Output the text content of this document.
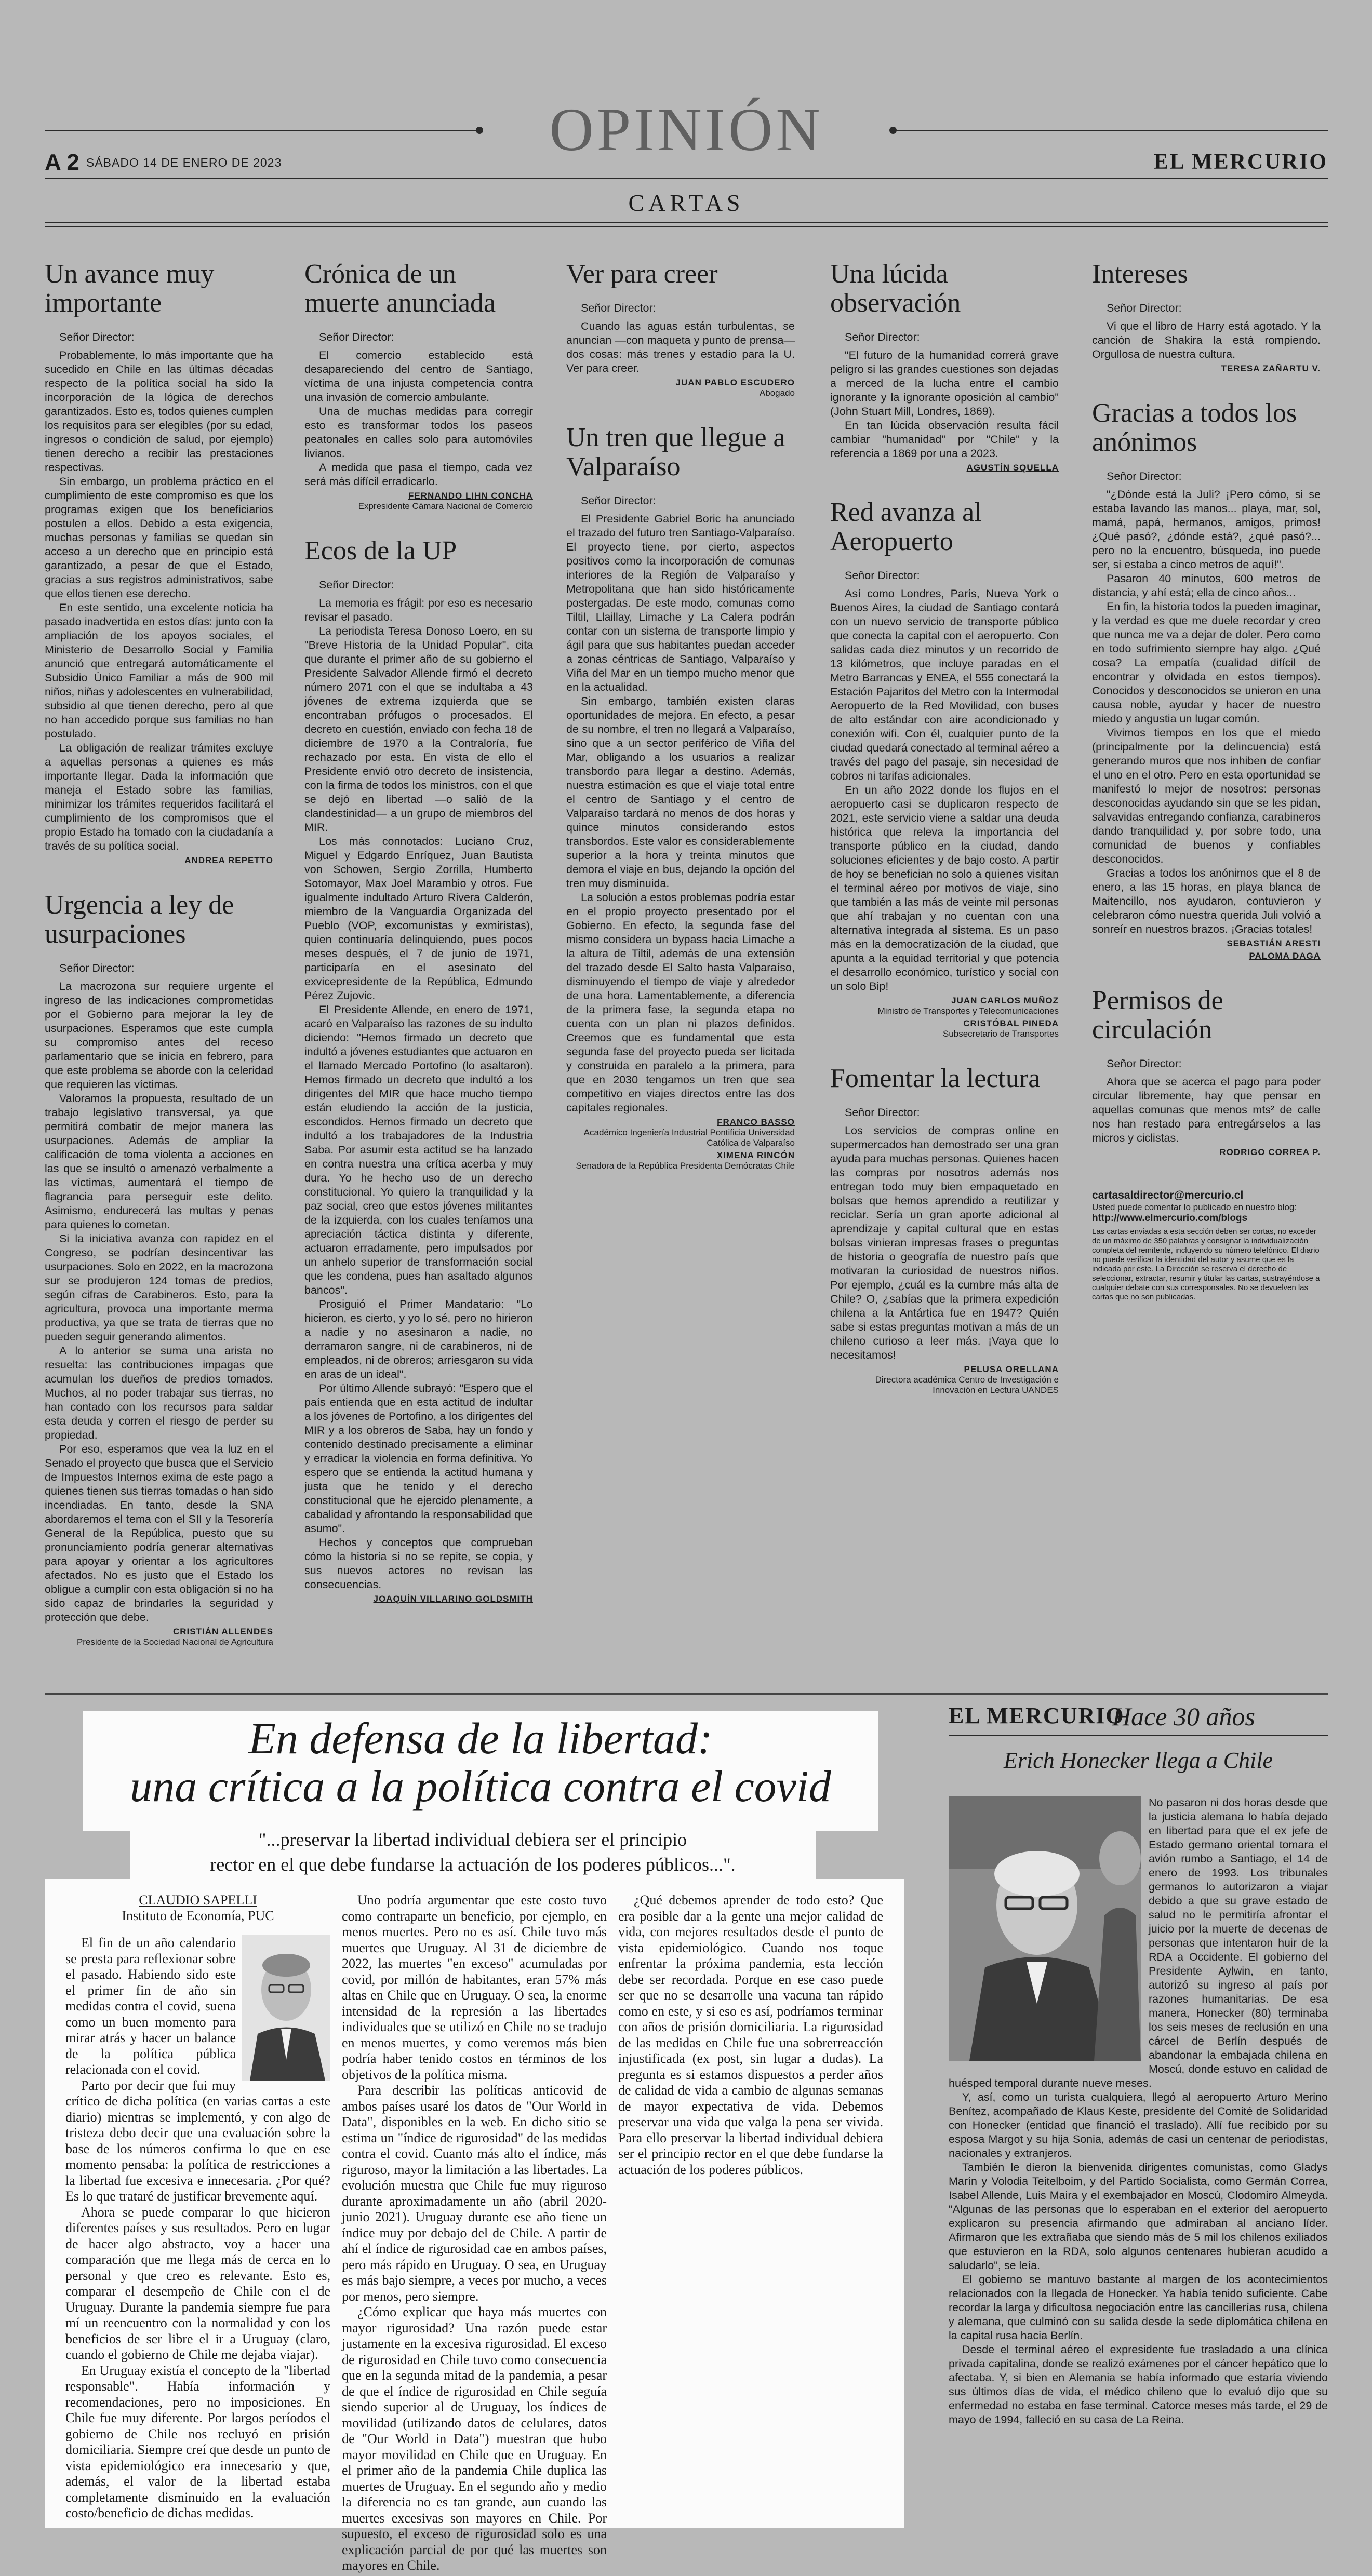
OPINIÓN
A 2 SÁBADO 14 DE ENERO DE 2023	EL MERCURIO
CARTAS
Un avance muy importante
Señor Director:

Probablemente, lo más importante que ha sucedido en Chile en las últimas décadas respecto de la política social ha sido la incorporación de la lógica de derechos garantizados. Esto es, todos quienes cumplen los requisitos para ser elegibles (por su edad, ingresos o condición de salud, por ejemplo) tienen derecho a recibir las prestaciones respectivas.

Sin embargo, un problema práctico en el cumplimiento de este compromiso es que los programas exigen que los beneficiarios postulen a ellos. Debido a esta exigencia, muchas personas y familias se quedan sin acceso a un derecho que en principio está garantizado, a pesar de que el Estado, gracias a sus registros administrativos, sabe que ellos tienen ese derecho.

En este sentido, una excelente noticia ha pasado inadvertida en estos días: junto con la ampliación de los apoyos sociales, el Ministerio de Desarrollo Social y Familia anunció que entregará automáticamente el Subsidio Único Familiar a más de 900 mil niños, niñas y adolescentes en vulnerabilidad, subsidio al que tienen derecho, pero al que no han accedido porque sus familias no han postulado.

La obligación de realizar trámites excluye a aquellas personas a quienes es más importante llegar. Dada la información que maneja el Estado sobre las familias, minimizar los trámites requeridos facilitará el cumplimiento de los compromisos que el propio Estado ha tomado con la ciudadanía a través de su política social.

ANDREA REPETTO
Urgencia a ley de usurpaciones
Señor Director:

La macrozona sur requiere urgente el ingreso de las indicaciones comprometidas por el Gobierno para mejorar la ley de usurpaciones. Esperamos que este cumpla su compromiso antes del receso parlamentario que se inicia en febrero, para que este problema se aborde con la celeridad que requieren las víctimas.

Valoramos la propuesta, resultado de un trabajo legislativo transversal, ya que permitirá combatir de mejor manera las usurpaciones. Además de ampliar la calificación de toma violenta a acciones en las que se insultó o amenazó verbalmente a las víctimas, aumentará el tiempo de flagrancia para perseguir este delito. Asimismo, endurecerá las multas y penas para quienes lo cometan.

Si la iniciativa avanza con rapidez en el Congreso, se podrían desincentivar las usurpaciones. Solo en 2022, en la macrozona sur se produjeron 124 tomas de predios, según cifras de Carabineros. Esto, para la agricultura, provoca una importante merma productiva, ya que se trata de tierras que no pueden seguir generando alimentos.

A lo anterior se suma una arista no resuelta: las contribuciones impagas que acumulan los dueños de predios tomados. Muchos, al no poder trabajar sus tierras, no han contado con los recursos para saldar esta deuda y corren el riesgo de perder su propiedad.

Por eso, esperamos que vea la luz en el Senado el proyecto que busca que el Servicio de Impuestos Internos exima de este pago a quienes tienen sus tierras tomadas o han sido incendiadas. En tanto, desde la SNA abordaremos el tema con el SII y la Tesorería General de la República, puesto que su pronunciamiento podría generar alternativas para apoyar y orientar a los agricultores afectados. No es justo que el Estado los obligue a cumplir con esta obligación si no ha sido capaz de brindarles la seguridad y protección que debe.

CRISTIÁN ALLENDES
Presidente de la Sociedad Nacional de Agricultura
Crónica de un muerte anunciada
Señor Director:

El comercio establecido está desapareciendo del centro de Santiago, víctima de una injusta competencia contra una invasión de comercio ambulante.

Una de muchas medidas para corregir esto es transformar todos los paseos peatonales en calles solo para automóviles livianos.

A medida que pasa el tiempo, cada vez será más difícil erradicarlo.

FERNANDO LIHN CONCHA
Expresidente Cámara Nacional de Comercio
Ecos de la UP
Señor Director:

La memoria es frágil: por eso es necesario revisar el pasado.

La periodista Teresa Donoso Loero, en su "Breve Historia de la Unidad Popular", cita que durante el primer año de su gobierno el Presidente Salvador Allende firmó el decreto número 2071 con el que se indultaba a 43 jóvenes de extrema izquierda que se encontraban prófugos o procesados. El decreto en cuestión, enviado con fecha 18 de diciembre de 1970 a la Contraloría, fue rechazado por esta. En vista de ello el Presidente envió otro decreto de insistencia, con la firma de todos los ministros, con el que se dejó en libertad —o salió de la clandestinidad— a un grupo de miembros del MIR.

Los más connotados: Luciano Cruz, Miguel y Edgardo Enríquez, Juan Bautista von Schowen, Sergio Zorrilla, Humberto Sotomayor, Max Joel Marambio y otros. Fue igualmente indultado Arturo Rivera Calderón, miembro de la Vanguardia Organizada del Pueblo (VOP, excomunistas y exmiristas), quien continuaría delinquiendo, pues pocos meses después, el 7 de junio de 1971, participaría en el asesinato del exvicepresidente de la República, Edmundo Pérez Zujovic.

El Presidente Allende, en enero de 1971, acaró en Valparaíso las razones de su indulto diciendo: "Hemos firmado un decreto que indultó a jóvenes estudiantes que actuaron en el llamado Mercado Portofino (lo asaltaron). Hemos firmado un decreto que indultó a los dirigentes del MIR que hace mucho tiempo están eludiendo la acción de la justicia, escondidos. Hemos firmado un decreto que indultó a los trabajadores de la Industria Saba. Por asumir esta actitud se ha lanzado en contra nuestra una crítica acerba y muy dura. Yo he hecho uso de un derecho constitucional. Yo quiero la tranquilidad y la paz social, creo que estos jóvenes militantes de la izquierda, con los cuales teníamos una apreciación táctica distinta y diferente, actuaron erradamente, pero impulsados por un anhelo superior de transformación social que les condena, pues han asaltado algunos bancos".

Prosiguió el Primer Mandatario: "Lo hicieron, es cierto, y yo lo sé, pero no hirieron a nadie y no asesinaron a nadie, no derramaron sangre, ni de carabineros, ni de empleados, ni de obreros; arriesgaron su vida en aras de un ideal".

Por último Allende subrayó: "Espero que el país entienda que en esta actitud de indultar a los jóvenes de Portofino, a los dirigentes del MIR y a los obreros de Saba, hay un fondo y contenido destinado precisamente a eliminar y erradicar la violencia en forma definitiva. Yo espero que se entienda la actitud humana y justa que he tenido y el derecho constitucional que he ejercido plenamente, a cabalidad y afrontando la responsabilidad que asumo".

Hechos y conceptos que comprueban cómo la historia si no se repite, se copia, y sus nuevos actores no revisan las consecuencias.

JOAQUÍN VILLARINO GOLDSMITH
Ver para creer
Señor Director:

Cuando las aguas están turbulentas, se anuncian —con maqueta y punto de prensa— dos cosas: más trenes y estadio para la U. Ver para creer.

JUAN PABLO ESCUDERO
Abogado
Un tren que llegue a Valparaíso
Señor Director:

El Presidente Gabriel Boric ha anunciado el trazado del futuro tren Santiago-Valparaíso. El proyecto tiene, por cierto, aspectos positivos como la incorporación de comunas interiores de la Región de Valparaíso y Metropolitana que han sido históricamente postergadas. De este modo, comunas como Tiltil, Llaillay, Limache y La Calera podrán contar con un sistema de transporte limpio y ágil para que sus habitantes puedan acceder a zonas céntricas de Santiago, Valparaíso y Viña del Mar en un tiempo mucho menor que en la actualidad.

Sin embargo, también existen claras oportunidades de mejora. En efecto, a pesar de su nombre, el tren no llegará a Valparaíso, sino que a un sector periférico de Viña del Mar, obligando a los usuarios a realizar transbordo para llegar a destino. Además, nuestra estimación es que el viaje total entre el centro de Santiago y el centro de Valparaíso tardará no menos de dos horas y quince minutos considerando estos transbordos. Este valor es considerablemente superior a la hora y treinta minutos que demora el viaje en bus, dejando la opción del tren muy disminuida.

La solución a estos problemas podría estar en el propio proyecto presentado por el Gobierno. En efecto, la segunda fase del mismo considera un bypass hacia Limache a la altura de Tiltil, además de una extensión del trazado desde El Salto hasta Valparaíso, disminuyendo el tiempo de viaje y alrededor de una hora. Lamentablemente, a diferencia de la primera fase, la segunda etapa no cuenta con un plan ni plazos definidos. Creemos que es fundamental que esta segunda fase del proyecto pueda ser licitada y construida en paralelo a la primera, para que en 2030 tengamos un tren que sea competitivo en viajes directos entre las dos capitales regionales.

FRANCO BASSO
Académico Ingeniería Industrial Pontificia Universidad Católica de Valparaíso
XIMENA RINCÓN
Senadora de la República Presidenta Demócratas Chile
Una lúcida observación
Señor Director:

"El futuro de la humanidad correrá grave peligro si las grandes cuestiones son dejadas a merced de la lucha entre el cambio ignorante y la ignorante oposición al cambio" (John Stuart Mill, Londres, 1869).

En tan lúcida observación resulta fácil cambiar "humanidad" por "Chile" y la referencia a 1869 por una a 2023.

AGUSTÍN SQUELLA
Red avanza al Aeropuerto
Señor Director:

Así como Londres, París, Nueva York o Buenos Aires, la ciudad de Santiago contará con un nuevo servicio de transporte público que conecta la capital con el aeropuerto. Con salidas cada diez minutos y un recorrido de 13 kilómetros, que incluye paradas en el Metro Barrancas y ENEA, el 555 conectará la Estación Pajaritos del Metro con la Intermodal Aeropuerto de la Red Movilidad, con buses de alto estándar con aire acondicionado y conexión wifi. Con él, cualquier punto de la ciudad quedará conectado al terminal aéreo a través del pago del pasaje, sin necesidad de cobros ni tarifas adicionales.

En un año 2022 donde los flujos en el aeropuerto casi se duplicaron respecto de 2021, este servicio viene a saldar una deuda histórica que releva la importancia del transporte público en la ciudad, dando soluciones eficientes y de bajo costo. A partir de hoy se benefician no solo a quienes visitan el terminal aéreo por motivos de viaje, sino que también a las más de veinte mil personas que ahí trabajan y no cuentan con una alternativa integrada al sistema. Es un paso más en la democratización de la ciudad, que apunta a la equidad territorial y que potencia el desarrollo económico, turístico y social con un solo Bip!

JUAN CARLOS MUÑOZ
Ministro de Transportes y Telecomunicaciones
CRISTÓBAL PINEDA
Subsecretario de Transportes
Fomentar la lectura
Señor Director:

Los servicios de compras online en supermercados han demostrado ser una gran ayuda para muchas personas. Quienes hacen las compras por nosotros además nos entregan todo muy bien empaquetado en bolsas que hemos aprendido a reutilizar y reciclar. Sería un gran aporte adicional al aprendizaje y capital cultural que en estas bolsas vinieran impresas frases o preguntas de historia o geografía de nuestro país que motivaran la curiosidad de nuestros niños. Por ejemplo, ¿cuál es la cumbre más alta de Chile? O, ¿sabías que la primera expedición chilena a la Antártica fue en 1947? Quién sabe si estas preguntas motivan a más de un chileno curioso a leer más. ¡Vaya que lo necesitamos!

PELUSA ORELLANA
Directora académica Centro de Investigación e Innovación en Lectura UANDES
Intereses
Señor Director:

Vi que el libro de Harry está agotado. Y la canción de Shakira la está rompiendo. Orgullosa de nuestra cultura.

TERESA ZAÑARTU V.
Gracias a todos los anónimos
Señor Director:

"¿Dónde está la Juli? ¡Pero cómo, si se estaba lavando las manos... playa, mar, sol, mamá, papá, hermanos, amigos, primos! ¿Qué pasó?, ¿dónde está?, ¿qué pasó?... pero no la encuentro, búsqueda, ino puede ser, si estaba a cinco metros de aquí!".

Pasaron 40 minutos, 600 metros de distancia, y ahí está; ella de cinco años...

En fin, la historia todos la pueden imaginar, y la verdad es que me duele recordar y creo que nunca me va a dejar de doler. Pero como en todo sufrimiento siempre hay algo. ¿Qué cosa? La empatía (cualidad difícil de encontrar y olvidada en estos tiempos). Conocidos y desconocidos se unieron en una causa noble, ayudar y hacer de nuestro miedo y angustia un lugar común.

Vivimos tiempos en los que el miedo (principalmente por la delincuencia) está generando muros que nos inhiben de confiar el uno en el otro. Pero en esta oportunidad se manifestó lo mejor de nosotros: personas desconocidas ayudando sin que se les pidan, salvavidas entregando confianza, carabineros dando tranquilidad y, por sobre todo, una comunidad de buenos y confiables desconocidos.

Gracias a todos los anónimos que el 8 de enero, a las 15 horas, en playa blanca de Maitencillo, nos ayudaron, contuvieron y celebraron cómo nuestra querida Juli volvió a sonreír en nuestros brazos. ¡Gracias totales!

SEBASTIÁN ARESTI
PALOMA DAGA
Permisos de circulación
Señor Director:

Ahora que se acerca el pago para poder circular libremente, hay que pensar en aquellas comunas que menos mts² de calle nos han restado para entregárselos a las micros y ciclistas.

RODRIGO CORREA P.
cartasaldirector@mercurio.cl
Usted puede comentar lo publicado en nuestro blog:
http://www.elmercurio.com/blogs
Las cartas enviadas a esta sección deben ser cortas, no exceder de un máximo de 350 palabras y consignar la individualización completa del remitente, incluyendo su número telefónico. El diario no puede verificar la identidad del autor y asume que es la indicada por este. La Dirección se reserva el derecho de seleccionar, extractar, resumir y titular las cartas, sustrayéndose a cualquier debate con sus corresponsales. No se devuelven las cartas que no son publicadas.
En defensa de la libertad:
una crítica a la política contra el covid
"...preservar la libertad individual debiera ser el principio
rector en el que debe fundarse la actuación de los poderes públicos...".
CLAUDIO SAPELLI
Instituto de Economía, PUC

El fin de un año calendario se presta para reflexionar sobre el pasado. Habiendo sido este el primer fin de año sin medidas contra el covid, suena como un buen momento para mirar atrás y hacer un balance de la política pública relacionada con el covid.

Parto por decir que fui muy crítico de dicha política (en varias cartas a este diario) mientras se implementó, y con algo de tristeza debo decir que una evaluación sobre la base de los números confirma lo que en ese momento pensaba: la política de restricciones a la libertad fue excesiva e innecesaria. ¿Por qué? Es lo que trataré de justificar brevemente aquí.

Ahora se puede comparar lo que hicieron diferentes países y sus resultados. Pero en lugar de hacer algo abstracto, voy a hacer una comparación que me llega más de cerca en lo personal y que creo es relevante. Esto es, comparar el desempeño de Chile con el de Uruguay. Durante la pandemia siempre fue para mí un reencuentro con la normalidad y con los beneficios de ser libre el ir a Uruguay (claro, cuando el gobierno de Chile me dejaba viajar).

En Uruguay existía el concepto de la "libertad responsable". Había información y recomendaciones, pero no imposiciones. En Chile fue muy diferente. Por largos períodos el gobierno de Chile nos recluyó en prisión domiciliaria. Siempre creí que desde un punto de vista epidemiológico era innecesario y que, además, el valor de la libertad estaba completamente disminuido en la evaluación costo/beneficio de dichas medidas.

Uno podría argumentar que este costo tuvo como contraparte un beneficio, por ejemplo, en menos muertes. Pero no es así. Chile tuvo más muertes que Uruguay. Al 31 de diciembre de 2022, las muertes "en exceso" acumuladas por covid, por millón de habitantes, eran 57% más altas en Chile que en Uruguay. O sea, la enorme intensidad de la represión a las libertades individuales que se utilizó en Chile no se tradujo en menos muertes, y como veremos más bien podría haber tenido costos en términos de los objetivos de la política misma.

Para describir las políticas anticovid de ambos países usaré los datos de "Our World in Data", disponibles en la web. En dicho sitio se estima un "índice de rigurosidad" de las medidas contra el covid. Cuanto más alto el índice, más riguroso, mayor la limitación a las libertades. La evolución muestra que Chile fue muy riguroso durante aproximadamente un año (abril 2020-junio 2021). Uruguay durante ese año tiene un índice muy por debajo del de Chile. A partir de ahí el índice de rigurosidad cae en ambos países, pero más rápido en Uruguay. O sea, en Uruguay es más bajo siempre, a veces por mucho, a veces por menos, pero siempre.

¿Cómo explicar que haya más muertes con mayor rigurosidad? Una razón puede estar justamente en la excesiva rigurosidad. El exceso de rigurosidad en Chile tuvo como consecuencia que en la segunda mitad de la pandemia, a pesar de que el índice de rigurosidad en Chile seguía siendo superior al de Uruguay, los índices de movilidad (utilizando datos de celulares, datos de "Our World in Data") muestran que hubo mayor movilidad en Chile que en Uruguay. En el primer año de la pandemia Chile duplica las muertes de Uruguay. En el segundo año y medio la diferencia no es tan grande, aun cuando las muertes excesivas son mayores en Chile. Por supuesto, el exceso de rigurosidad solo es una explicación parcial de por qué las muertes son mayores en Chile.

¿Qué debemos aprender de todo esto? Que era posible dar a la gente una mejor calidad de vida, con mejores resultados desde el punto de vista epidemiológico. Cuando nos toque enfrentar la próxima pandemia, esta lección debe ser recordada. Porque en ese caso puede ser que no se desarrolle una vacuna tan rápido como en este, y si eso es así, podríamos terminar con años de prisión domiciliaria. La rigurosidad de las medidas en Chile fue una sobrerreacción injustificada (ex post, sin lugar a dudas). La pregunta es si estamos dispuestos a perder años de calidad de vida a cambio de algunas semanas de mayor expectativa de vida. Debemos preservar una vida que valga la pena ser vivida. Para ello preservar la libertad individual debiera ser el principio rector en el que debe fundarse la actuación de los poderes públicos.

EL MERCURIO
Hace 30 años
Erich Honecker llega a Chile

No pasaron ni dos horas desde que la justicia alemana lo había dejado en libertad para que el ex jefe de Estado germano oriental tomara el avión rumbo a Santiago, el 14 de enero de 1993. Los tribunales germanos lo autorizaron a viajar debido a que su grave estado de salud no le permitiría afrontar el juicio por la muerte de decenas de personas que intentaron huir de la RDA a Occidente. El gobierno del Presidente Aylwin, en tanto, autorizó su ingreso al país por razones humanitarias. De esa manera, Honecker (80) terminaba los seis meses de reclusión en una cárcel de Berlín después de abandonar la embajada chilena en Moscú, donde estuvo en calidad de huésped temporal durante nueve meses.

Y, así, como un turista cualquiera, llegó al aeropuerto Arturo Merino Benítez, acompañado de Klaus Keste, presidente del Comité de Solidaridad con Honecker (entidad que financió el traslado). Allí fue recibido por su esposa Margot y su hija Sonia, además de casi un centenar de periodistas, nacionales y extranjeros.

También le dieron la bienvenida dirigentes comunistas, como Gladys Marín y Volodia Teitelboim, y del Partido Socialista, como Germán Correa, Isabel Allende, Luis Maira y el exembajador en Moscú, Clodomiro Almeyda. "Algunas de las personas que lo esperaban en el exterior del aeropuerto explicaron su presencia afirmando que admiraban al anciano líder. Afirmaron que les extrañaba que siendo más de 5 mil los chilenos exiliados que estuvieron en la RDA, solo algunos centenares hubieran acudido a saludarlo", se leía.

El gobierno se mantuvo bastante al margen de los acontecimientos relacionados con la llegada de Honecker. Ya había tenido suficiente. Cabe recordar la larga y dificultosa negociación entre las cancillerías rusa, chilena y alemana, que culminó con su salida desde la sede diplomática chilena en la capital rusa hacia Berlín.

Desde el terminal aéreo el expresidente fue trasladado a una clínica privada capitalina, donde se realizó exámenes por el cáncer hepático que lo afectaba. Y, si bien en Alemania se había informado que estaría viviendo sus últimos días de vida, el médico chileno que lo evaluó dijo que su enfermedad no estaba en fase terminal. Catorce meses más tarde, el 29 de mayo de 1994, falleció en su casa de La Reina.
